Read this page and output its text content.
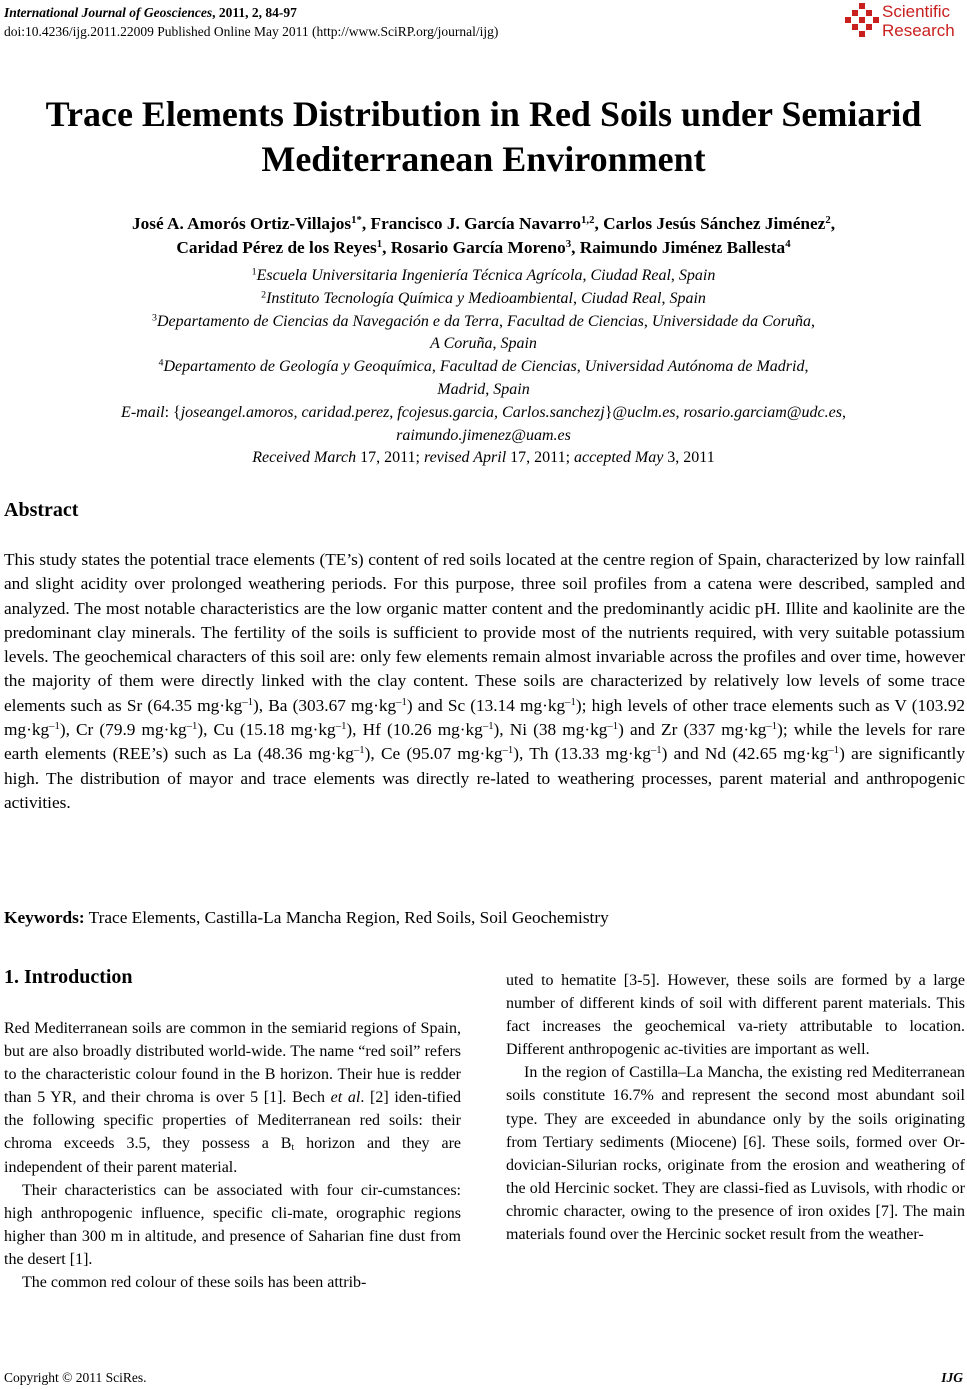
International Journal of Geosciences, 2011, 2, 84-97
doi:10.4236/ijg.2011.22009 Published Online May 2011 (http://www.SciRP.org/journal/ijg)
Scientific
Research
Trace Elements Distribution in Red Soils under Semiarid Mediterranean Environment

José A. Amorós Ortiz-Villajos$^{1*}$, Francisco J. García Navarro$^{1,2}$, Carlos Jesús Sánchez Jiménez$^2$,
Caridad Pérez de los Reyes$^1$, Rosario García Moreno$^3$, Raimundo Jiménez Ballesta$^4$

$^1$Escuela Universitaria Ingeniería Técnica Agrícola, Ciudad Real, Spain
$^2$Instituto Tecnología Química y Medioambiental, Ciudad Real, Spain
$^3$Departamento de Ciencias da Navegación e da Terra, Facultad de Ciencias, Universidade da Coruña,
A Coruña, Spain
$^4$Departamento de Geología y Geoquímica, Facultad de Ciencias, Universidad Autónoma de Madrid,
Madrid, Spain
E-mail: {joseangel.amoros, caridad.perez, fcojesus.garcia, Carlos.sanchezj}@uclm.es, rosario.garciam@udc.es,
raimundo.jimenez@uam.es
Received March 17, 2011; revised April 17, 2011; accepted May 3, 2011
Abstract

This study states the potential trace elements (TE’s) content of red soils located at the centre region of Spain, characterized by low rainfall and slight acidity over prolonged weathering periods. For this purpose, three soil profiles from a catena were described, sampled and analyzed. The most notable characteristics are the low organic matter content and the predominantly acidic pH. Illite and kaolinite are the predominant clay minerals. The fertility of the soils is sufficient to provide most of the nutrients required, with very suitable potassium levels. The geochemical characters of this soil are: only few elements remain almost invariable across the profiles and over time, however the majority of them were directly linked with the clay content. These soils are characterized by relatively low levels of some trace elements such as Sr (64.35 $mg\cdot kg^{-1}$), Ba (303.67 $mg\cdot kg^{-1}$) and Sc (13.14 $mg\cdot kg^{-1}$); high levels of other trace elements such as V (103.92 $mg\cdot kg^{-1}$), Cr (79.9 $mg\cdot kg^{-1}$), Cu (15.18 $mg\cdot kg^{-1}$), Hf (10.26 $mg\cdot kg^{-1}$), Ni (38 $mg\cdot kg^{-1}$) and Zr (337 $mg\cdot kg^{-1}$); while the levels for rare earth elements (REE’s) such as La (48.36 $mg\cdot kg^{-1}$), Ce (95.07 $mg\cdot kg^{-1}$), Th (13.33 $mg\cdot kg^{-1}$) and Nd (42.65 $mg\cdot kg^{-1}$) are significantly high. The distribution of mayor and trace elements was directly re-lated to weathering processes, parent material and anthropogenic activities.

Keywords: Trace Elements, Castilla-La Mancha Region, Red Soils, Soil Geochemistry

1. Introduction

Red Mediterranean soils are common in the semiarid regions of Spain, but are also broadly distributed world-wide. The name “red soil” refers to the characteristic colour found in the B horizon. Their hue is redder than 5 YR, and their chroma is over 5 [1]. Bech et al. [2] iden-tified the following specific properties of Mediterranean red soils: their chroma exceeds 3.5, they possess a $B_t$ horizon and they are independent of their parent material.

Their characteristics can be associated with four cir-cumstances: high anthropogenic influence, specific cli-mate, orographic regions higher than 300 m in altitude, and presence of Saharian fine dust from the desert [1].

The common red colour of these soils has been attrib-

uted to hematite [3-5]. However, these soils are formed by a large number of different kinds of soil with different parent materials. This fact increases the geochemical va-riety attributable to location. Different anthropogenic ac-tivities are important as well.

In the region of Castilla–La Mancha, the existing red Mediterranean soils constitute 16.7% and represent the second most abundant soil type. They are exceeded in abundance only by the soils originating from Tertiary sediments (Miocene) [6]. These soils, formed over Or-dovician-Silurian rocks, originate from the erosion and weathering of the old Hercinic socket. They are classi-fied as Luvisols, with rhodic or chromic character, owing to the presence of iron oxides [7]. The main materials found over the Hercinic socket result from the weather-

Copyright © 2011 SciRes.	IJG
